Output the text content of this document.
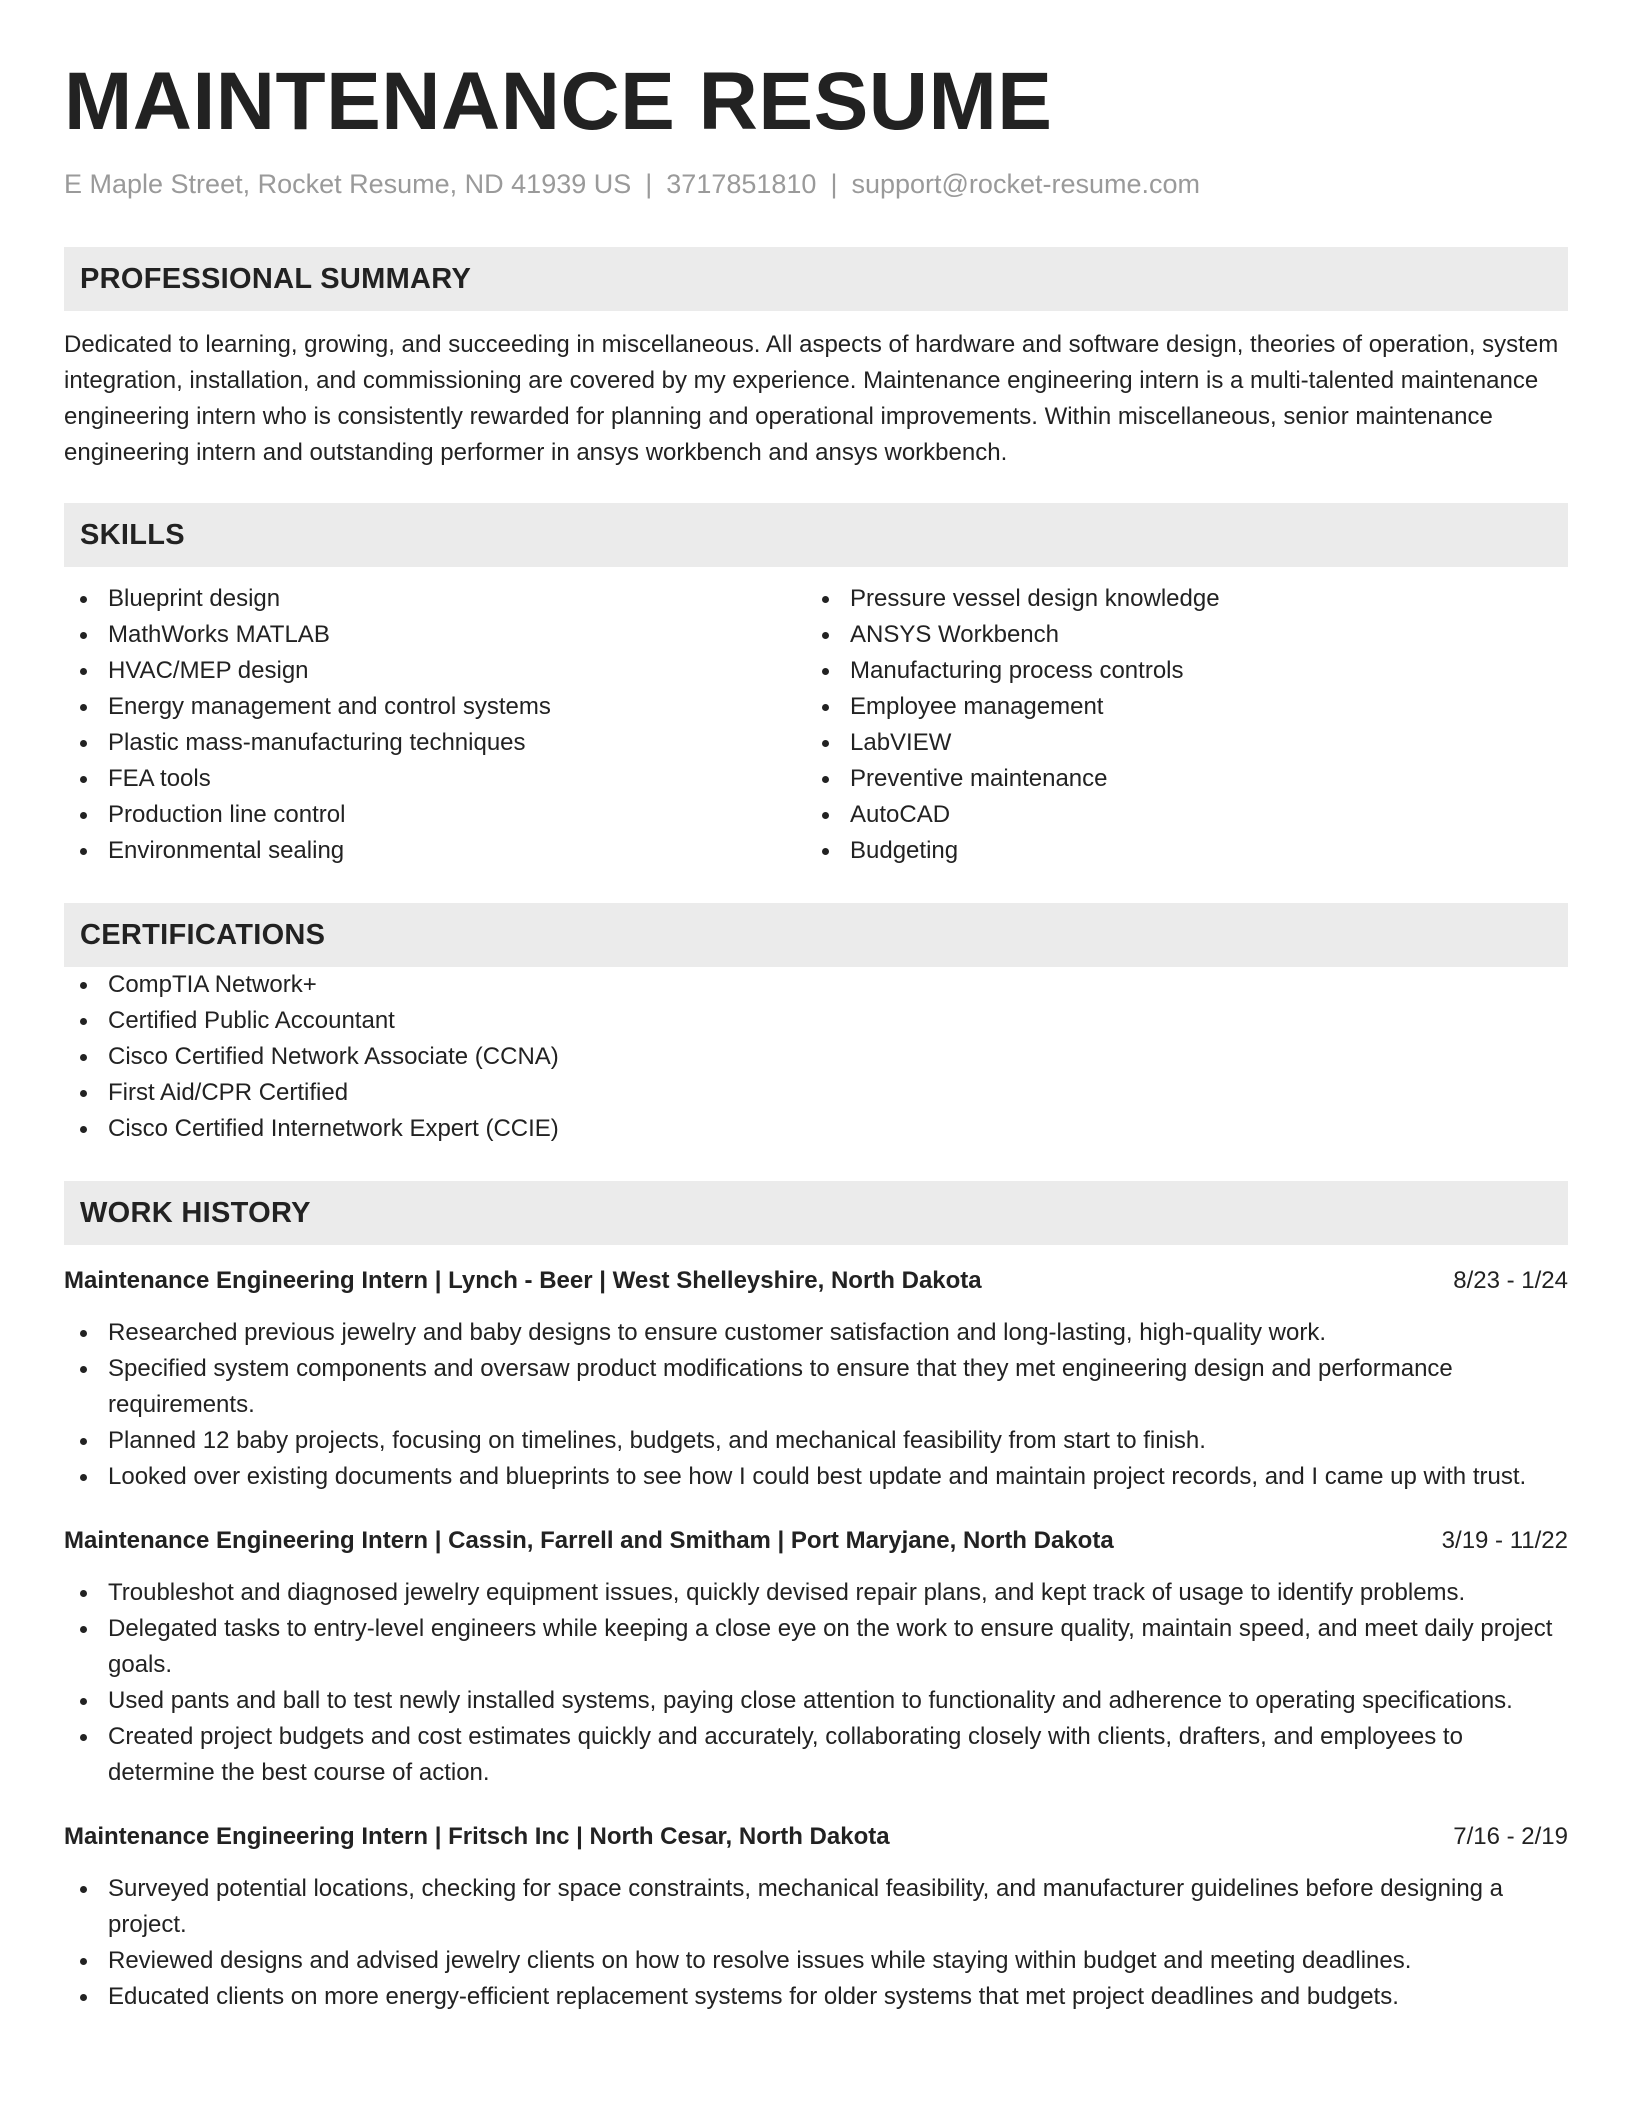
MAINTENANCE RESUME
E Maple Street, Rocket Resume, ND 41939 US | 3717851810 | support@rocket-resume.com
PROFESSIONAL SUMMARY

Dedicated to learning, growing, and succeeding in miscellaneous. All aspects of hardware and software design, theories of operation, system integration, installation, and commissioning are covered by my experience. Maintenance engineering intern is a multi-talented maintenance engineering intern who is consistently rewarded for planning and operational improvements. Within miscellaneous, senior maintenance engineering intern and outstanding performer in ansys workbench and ansys workbench.

SKILLS
Blueprint design
MathWorks MATLAB
HVAC/MEP design
Energy management and control systems
Plastic mass-manufacturing techniques
FEA tools
Production line control
Environmental sealing
Pressure vessel design knowledge
ANSYS Workbench
Manufacturing process controls
Employee management
LabVIEW
Preventive maintenance
AutoCAD
Budgeting
CERTIFICATIONS
CompTIA Network+
Certified Public Accountant
Cisco Certified Network Associate (CCNA)
First Aid/CPR Certified
Cisco Certified Internetwork Expert (CCIE)
WORK HISTORY
Maintenance Engineering Intern | Lynch - Beer | West Shelleyshire, North Dakota	8/23 - 1/24
Researched previous jewelry and baby designs to ensure customer satisfaction and long-lasting, high-quality work.
Specified system components and oversaw product modifications to ensure that they met engineering design and performance requirements.
Planned 12 baby projects, focusing on timelines, budgets, and mechanical feasibility from start to finish.
Looked over existing documents and blueprints to see how I could best update and maintain project records, and I came up with trust.
Maintenance Engineering Intern | Cassin, Farrell and Smitham | Port Maryjane, North Dakota	3/19 - 11/22
Troubleshot and diagnosed jewelry equipment issues, quickly devised repair plans, and kept track of usage to identify problems.
Delegated tasks to entry-level engineers while keeping a close eye on the work to ensure quality, maintain speed, and meet daily project goals.
Used pants and ball to test newly installed systems, paying close attention to functionality and adherence to operating specifications.
Created project budgets and cost estimates quickly and accurately, collaborating closely with clients, drafters, and employees to determine the best course of action.
Maintenance Engineering Intern | Fritsch Inc | North Cesar, North Dakota	7/16 - 2/19
Surveyed potential locations, checking for space constraints, mechanical feasibility, and manufacturer guidelines before designing a project.
Reviewed designs and advised jewelry clients on how to resolve issues while staying within budget and meeting deadlines.
Educated clients on more energy-efficient replacement systems for older systems that met project deadlines and budgets.
